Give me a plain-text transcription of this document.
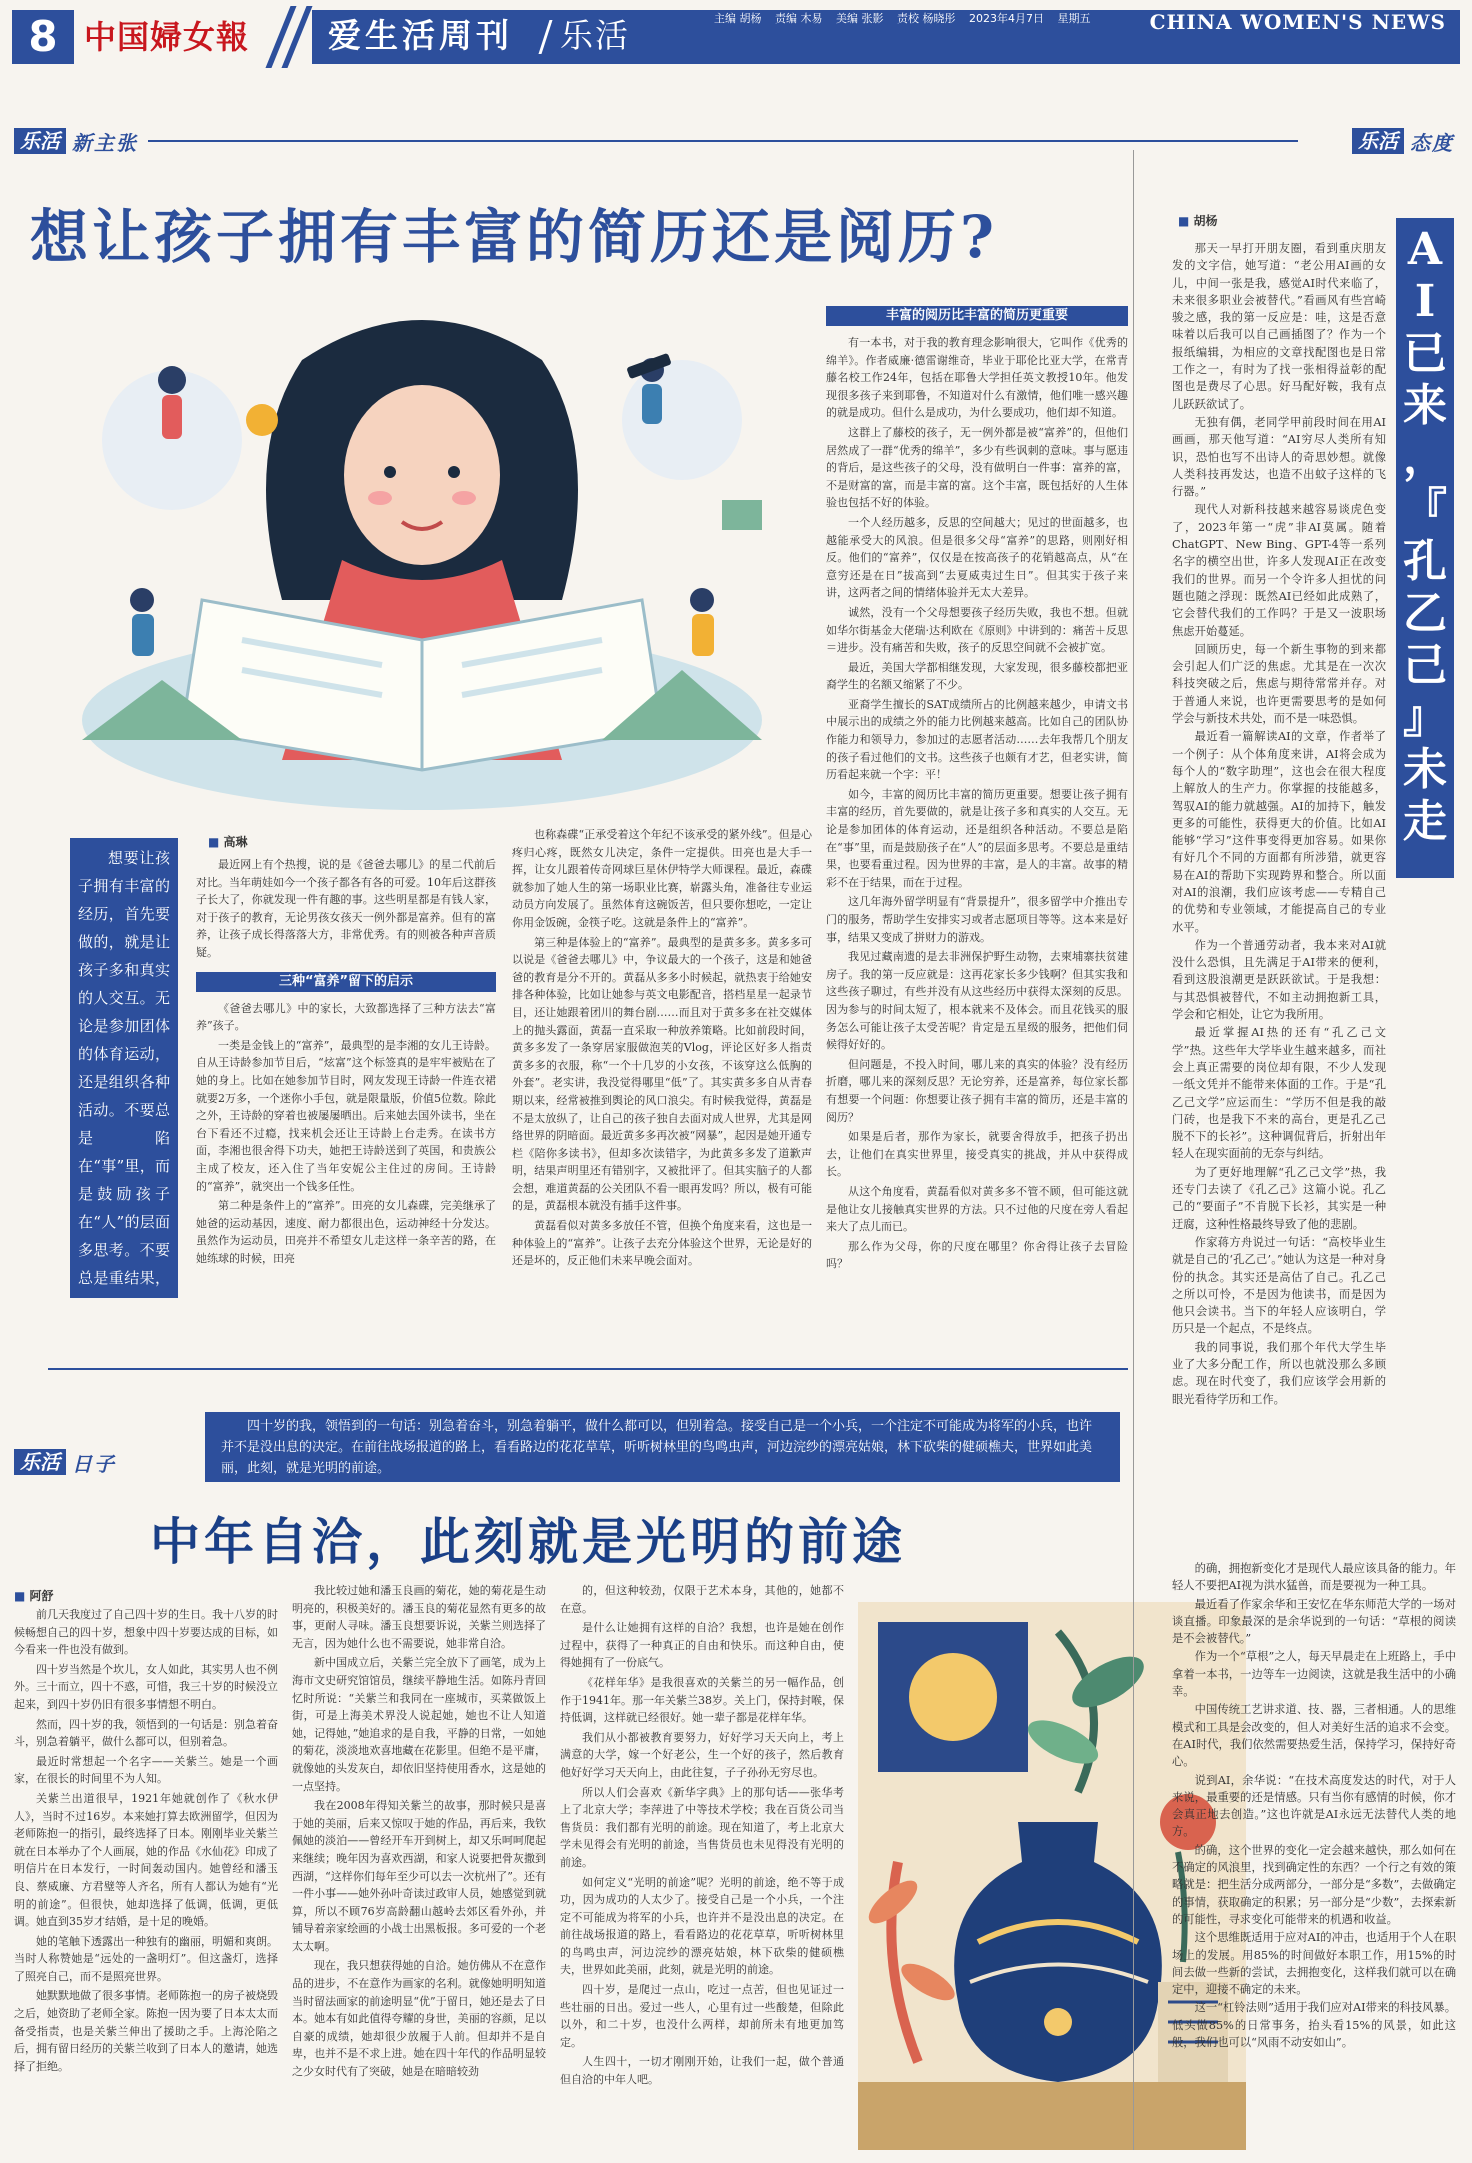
8 中国婦女報 爱生活周刊 乐活	主编 胡杨 责编 木易 美编 张影 责校 杨晓彤 2023年4月7日 星期五	CHINA WOMEN'S NEWS
乐活 新主张	乐活 态度
乐活 日子
想让孩子拥有丰富的简历还是阅历?

想要让孩子拥有丰富的经历，首先要做的，就是让孩子多和真实的人交互。无论是参加团体的体育运动，还是组织各种活动。不要总是陷在“事”里，而是鼓励孩子在“人”的层面多思考。不要总是重结果，

■ 高琳

最近网上有个热搜，说的是《爸爸去哪儿》的星二代前后对比。当年萌娃如今一个孩子都各有各的可爱。10年后这群孩子长大了，你就发现一件有趣的事。这些明星都是有钱人家，对于孩子的教育，无论男孩女孩天一例外都是富养。但有的富养，让孩子成长得落落大方，非常优秀。有的则被各种声音质疑。

三种“富养”留下的启示

《爸爸去哪儿》中的家长，大致都选择了三种方法去“富养”孩子。

一类是金钱上的“富养”，最典型的是李湘的女儿王诗龄。自从王诗龄参加节目后，“炫富”这个标签真的是牢牢被贴在了她的身上。比如在她参加节目时，网友发现王诗龄一件连衣裙就要2万多，一个迷你小手包，就是限量版，价值5位数。除此之外，王诗龄的穿着也被屡屡晒出。后来她去国外读书，坐在台下看还不过瘾，找来机会还让王诗龄上台走秀。在读书方面，李湘也很舍得下功夫，她把王诗龄送到了英国，和贵族公主成了校友，还入住了当年安妮公主住过的房间。王诗龄的“富养”，就突出一个钱多任性。

第二种是条件上的“富养”。田亮的女儿森碟，完美继承了她爸的运动基因，速度、耐力都很出色，运动神经十分发达。虽然作为运动员，田亮并不希望女儿走这样一条辛苦的路，在她练球的时候，田亮

也称森碟“正承受着这个年纪不该承受的紧外线”。但是心疼归心疼，既然女儿决定，条件一定提供。田亮也是大手一挥，让女儿跟着传奇网球巨星休伊特学大师课程。最近，森碟就参加了她人生的第一场职业比赛，崭露头角，准备往专业运动员方向发展了。虽然体育这碗饭苦，但只要你想吃，一定让你用金饭碗，金筷子吃。这就是条件上的“富养”。

第三种是体验上的“富养”。最典型的是黄多多。黄多多可以说是《爸爸去哪儿》中，争议最大的一个孩子，这是和她爸爸的教育是分不开的。黄磊从多多小时候起，就热衷于给她安排各种体验，比如让她参与英文电影配音，搭档星星一起录节目，还让她跟着团川的舞台剧……而且对于黄多多在社交媒体上的抛头露面，黄磊一直采取一种放养策略。比如前段时间，黄多多发了一条穿居家服做泡芙的Vlog，评论区好多人指责黄多多的衣服，称“一个十几岁的小女孩，不该穿这么低胸的外套”。老实讲，我没觉得哪里“低”了。其实黄多多自从青春期以来，经常被推到舆论的风口浪尖。有时候我觉得，黄磊是不是太放纵了，让自己的孩子独自去面对成人世界，尤其是网络世界的阴暗面。最近黄多多再次被“网暴”，起因是她开通专栏《陪你多读书》，但却多次读错字，为此黄多多发了道歉声明，结果声明里还有错别字，又被批评了。但其实脑子的人都会想，难道黄磊的公关团队不看一眼再发吗？所以，极有可能的是，黄磊根本就没有插手这件事。

黄磊看似对黄多多放任不管，但换个角度来看，这也是一种体验上的“富养”。让孩子去充分体验这个世界，无论是好的还是坏的，反正他们未来早晚会面对。

丰富的阅历比丰富的简历更重要

有一本书，对于我的教育理念影响很大，它叫作《优秀的绵羊》。作者威廉·德雷谢维奇，毕业于耶伦比亚大学，在常青藤名校工作24年，包括在耶鲁大学担任英文教授10年。他发现很多孩子来到耶鲁，不知道对什么有激情，他们唯一感兴趣的就是成功。但什么是成功，为什么要成功，他们却不知道。

这群上了藤校的孩子，无一例外都是被“富养”的，但他们居然成了一群“优秀的绵羊”，多少有些讽刺的意味。事与愿违的背后，是这些孩子的父母，没有做明白一件事：富养的富，不是财富的富，而是丰富的富。这个丰富，既包括好的人生体验也包括不好的体验。

一个人经历越多，反思的空间越大；见过的世面越多，也越能承受大的风浪。但是很多父母“富养”的思路，则刚好相反。他们的“富养”，仅仅是在按高孩子的花销越高点，从“在意穷还是在日”拔高到“去夏威夷过生日”。但其实于孩子来讲，这两者之间的情绪体验并无太大差异。

诚然，没有一个父母想要孩子经历失败，我也不想。但就如华尔街基金大佬瑞·达利欧在《原则》中讲到的：痛苦＋反思＝进步。没有痛苦和失败，孩子的反思空间就不会被扩宽。

最近，美国大学都相继发现，大家发现，很多藤校都把亚裔学生的名额又缩紧了不少。

亚裔学生擅长的SAT成绩所占的比例越来越少，申请文书中展示出的成绩之外的能力比例越来越高。比如自己的团队协作能力和领导力，参加过的志愿者活动……去年我帮几个朋友的孩子看过他们的文书。这些孩子也颇有才艺，但老实讲，简历看起来就一个字：平！

如今，丰富的阅历比丰富的简历更重要。想要让孩子拥有丰富的经历，首先要做的，就是让孩子多和真实的人交互。无论是参加团体的体育运动，还是组织各种活动。不要总是陷在“事”里，而是鼓励孩子在“人”的层面多思考。不要总是重结果，也要看重过程。因为世界的丰富，是人的丰富。故事的精彩不在于结果，而在于过程。

这几年海外留学明显有“背景提升”，很多留学中介推出专门的服务，帮助学生安排实习或者志愿项目等等。这本来是好事，结果又变成了拼财力的游戏。

我见过藏南遗的是去非洲保护野生动物，去柬埔寨扶贫建房子。我的第一反应就是：这再花家长多少钱啊？但其实我和这些孩子聊过，有些并没有从这些经历中获得太深刻的反思。因为参与的时间太短了，根本就来不及体会。而且花钱买的服务怎么可能让孩子太受苦呢？肯定是五星级的服务，把他们伺候得好好的。

但问题是，不投入时间，哪儿来的真实的体验？没有经历折磨，哪儿来的深刻反思？无论穷养，还是富养，每位家长都有想要一个问题：你想要让孩子拥有丰富的简历，还是丰富的阅历？

如果是后者，那作为家长，就要舍得放手，把孩子扔出去，让他们在真实世界里，接受真实的挑战，并从中获得成长。

从这个角度看，黄磊看似对黄多多不管不顾，但可能这就是他让女儿接触真实世界的方法。只不过他的尺度在旁人看起来大了点儿而已。

那么作为父母，你的尺度在哪里？你舍得让孩子去冒险吗？

四十岁的我，领悟到的一句话：别急着奋斗，别急着躺平，做什么都可以，但别着急。接受自己是一个小兵，一个注定不可能成为将军的小兵，也许并不是没出息的决定。在前往战场报道的路上，看看路边的花花草草，听听树林里的鸟鸣虫声，河边浣纱的漂亮姑娘，林下砍柴的健硕樵夫，世界如此美丽，此刻，就是光明的前途。
中年自洽，此刻就是光明的前途
■ 阿舒

前几天我度过了自己四十岁的生日。我十八岁的时候畅想自己的四十岁，想象中四十岁要达成的目标，如今看来一件也没有做到。

四十岁当然是个坎儿，女人如此，其实男人也不例外。三十而立，四十不惑，可惜，我三十岁的时候没立起来，到四十岁仍旧有很多事情想不明白。

然而，四十岁的我，领悟到的一句话是：别急着奋斗，别急着躺平，做什么都可以，但别着急。

最近时常想起一个名字——关紫兰。她是一个画家，在很长的时间里不为人知。

关紫兰出道很早，1921年她就创作了《秋水伊人》，当时不过16岁。本来她打算去欧洲留学，但因为老师陈抱一的指引，最终选择了日本。刚刚毕业关紫兰就在日本举办了个人画展，她的作品《水仙花》印成了明信片在日本发行，一时间轰动国内。她曾经和潘玉良、蔡威廉、方君璧等人齐名，所有人都认为她有“光明的前途”。但很快，她却选择了低调，低调，更低调。她直到35岁才结婚，是十足的晚婚。

她的笔触下透露出一种独有的幽丽，明媚和爽朗。当时人称赞她是“远处的一盏明灯”。但这盏灯，选择了照亮自己，而不是照亮世界。

她默默地做了很多事情。老师陈抱一的房子被烧毁之后，她资助了老师全家。陈抱一因为要了日本太太而备受指责，也是关紫兰伸出了援助之手。上海沦陷之后，拥有留日经历的关紫兰收到了日本人的邀请，她选择了拒绝。

我比较过她和潘玉良画的菊花，她的菊花是生动明亮的，积极美好的。潘玉良的菊花显然有更多的故事，更耐人寻味。潘玉良想要诉说，关紫兰则选择了无言，因为她什么也不需要说，她非常自洽。

新中国成立后，关紫兰完全放下了画笔，成为上海市文史研究馆馆员，继续平静地生活。如陈丹青回忆时所说：“关紫兰和我同在一座城市，买菜做饭上街，可是上海美术界没人说起她，她也不让人知道她，记得她，”她追求的是自我，平静的日常，一如她的菊花，淡淡地欢喜地藏在花影里。但绝不是平庸，就像她的头发灰白，却依旧坚持使用香水，这是她的一点坚持。

我在2008年得知关紫兰的故事，那时候只是喜于她的美丽，后来又惊叹于她的作品，再后来，我钦佩她的淡泊——曾经开车开到树上，却又乐呵呵爬起来继续；晚年因为喜欢西湖，和家人说要把骨灰撒到西湖，“这样你们每年至少可以去一次杭州了”。还有一件小事——她外孙叶奇读过政审人员，她感觉到就算，所以不顾76岁高龄翻山越岭去郊区看外孙，并铺导着亲家绘画的小战士出黑板报。多可爱的一个老太太啊。

现在，我只想获得她的自洽。她仿佛从不在意作品的进步，不在意作为画家的名利。就像她明明知道当时留法画家的前途明显“优”于留日，她还是去了日本。她本有如此值得夸耀的身世，美丽的容颜，足以自豪的成绩，她却很少放履于人前。但却并不是自卑，也并不是不求上进。她在四十年代的作品明显较之少女时代有了突破，她是在暗暗较劲

的，但这种较劲，仅限于艺术本身，其他的，她都不在意。

是什么让她拥有这样的自洽？我想，也许是她在创作过程中，获得了一种真正的自由和快乐。而这种自由，使得她拥有了一份底气。

《花样年华》是我很喜欢的关紫兰的另一幅作品，创作于1941年。那一年关紫兰38岁。关上门，保持封喉，保持低调，这样就已经很好。她一辈子都是花样年华。

我们从小都被教育要努力，好好学习天天向上，考上满意的大学，嫁一个好老公，生一个好的孩子，然后教育他好好学习天天向上，由此往复，子子孙孙无穷尽也。

所以人们会喜欢《新华字典》上的那句话——张华考上了北京大学；李萍进了中等技术学校；我在百货公司当售货员：我们都有光明的前途。现在知道了，考上北京大学未见得会有光明的前途，当售货员也未见得没有光明的前途。

如何定义“光明的前途”呢？光明的前途，绝不等于成功，因为成功的人太少了。接受自己是一个小兵，一个注定不可能成为将军的小兵，也许并不是没出息的决定。在前往战场报道的路上，看看路边的花花草草，听听树林里的鸟鸣虫声，河边浣纱的漂亮姑娘，林下砍柴的健硕樵夫，世界如此美丽，此刻，就是光明的前途。

四十岁，是爬过一点山，吃过一点苦，但也见证过一些壮丽的日出。爱过一些人，心里有过一些酸楚，但除此以外，和二十岁，也没什么两样，却前所未有地更加笃定。

人生四十，一切才刚刚开始，让我们一起，做个普通但自洽的中年人吧。

■ 胡杨
A
I
已
来
，
『
孔
乙
己
』
未
走

那天一早打开朋友圈，看到重庆朋友发的文字信，她写道：“老公用AI画的女儿，中间一张是我，感觉AI时代来临了，未来很多职业会被替代。”看画风有些宫崎骏之感，我的第一反应是：哇，这是否意味着以后我可以自己画插图了？作为一个报纸编辑，为相应的文章找配图也是日常工作之一，有时为了找一张相得益彰的配图也是费尽了心思。好马配好鞍，我有点儿跃跃欲试了。

无独有偶，老同学甲前段时间在用AI画画，那天他写道：“AI穷尽人类所有知识，恐怕也写不出诗人的奇思妙想。就像人类科技再发达，也造不出蚊子这样的飞行器。”

现代人对新科技越来越容易谈虎色变了，2023年第一“虎”非AI莫属。随着ChatGPT、New Bing、GPT-4等一系列名字的横空出世，许多人发现AI正在改变我们的世界。而另一个令许多人担忧的问题也随之浮现：既然AI已经如此成熟了，它会替代我们的工作吗？于是又一波职场焦虑开始蔓延。

回顾历史，每一个新生事物的到来都会引起人们广泛的焦虑。尤其是在一次次科技突破之后，焦虑与期待常常并存。对于普通人来说，也许更需要思考的是如何学会与新技术共处，而不是一味恐惧。

最近看一篇解读AI的文章，作者举了一个例子：从个体角度来讲，AI将会成为每个人的“数字助理”，这也会在很大程度上解放人的生产力。你掌握的技能越多，驾驭AI的能力就越强。AI的加持下，触发更多的可能性，获得更大的价值。比如AI能够“学习”这件事变得更加容易。如果你有好几个不同的方面都有所涉猎，就更容易在AI的帮助下实现跨界和整合。所以面对AI的浪潮，我们应该考虑——专精自己的优势和专业领域，才能提高自己的专业水平。

作为一个普通劳动者，我本来对AI就没什么恐惧，且先满足于AI带来的便利，看到这股浪潮更是跃跃欲试。于是我想：与其恐惧被替代，不如主动拥抱新工具，学会和它相处，让它为我所用。

最近掌握AI热的还有“孔乙己文学”热。这些年大学毕业生越来越多，而社会上真正需要的岗位却有限，不少人发现一纸文凭并不能带来体面的工作。于是“孔乙己文学”应运而生：“学历不但是我的敲门砖，也是我下不来的高台，更是孔乙己脱不下的长衫”。这种调侃背后，折射出年轻人在现实面前的无奈与纠结。

为了更好地理解“孔乙己文学”热，我还专门去读了《孔乙己》这篇小说。孔乙己的“要面子”不肯脱下长衫，其实是一种迂腐，这种性格最终导致了他的悲剧。

作家蒋方舟说过一句话：“高校毕业生就是自己的‘孔乙己’。”她认为这是一种对身份的执念。其实还是高估了自己。孔乙己之所以可怜，不是因为他读书，而是因为他只会读书。当下的年轻人应该明白，学历只是一个起点，不是终点。

我的同事说，我们那个年代大学生毕业了大多分配工作，所以也就没那么多顾虑。现在时代变了，我们应该学会用新的眼光看待学历和工作。

的确，拥抱新变化才是现代人最应该具备的能力。年轻人不要把AI视为洪水猛兽，而是要视为一种工具。

最近看了作家余华和王安忆在华东师范大学的一场对谈直播。印象最深的是余华说到的一句话：“草根的阅读是不会被替代。”

作为一个“草根”之人，每天早晨走在上班路上，手中拿着一本书，一边等车一边阅读，这就是我生活中的小确幸。

中国传统工艺讲求道、技、器，三者相通。人的思维模式和工具是会改变的，但人对美好生活的追求不会变。在AI时代，我们依然需要热爱生活，保持学习，保持好奇心。

说到AI，余华说：“在技术高度发达的时代，对于人来说，最重要的还是情感。只有当你有感情的时候，你才会真正地去创造。”这也许就是AI永远无法替代人类的地方。

的确，这个世界的变化一定会越来越快，那么如何在不确定的风浪里，找到确定性的东西？一个行之有效的策略就是：把生活分成两部分，一部分是“多数”，去做确定的事情，获取确定的积累；另一部分是“少数”，去探索新的可能性，寻求变化可能带来的机遇和收益。

这个思维既适用于应对AI的冲击，也适用于个人在职场上的发展。用85%的时间做好本职工作，用15%的时间去做一些新的尝试，去拥抱变化，这样我们就可以在确定中，迎接不确定的未来。

这一“杠铃法则”适用于我们应对AI带来的科技风暴。低头做85%的日常事务，抬头看15%的风景，如此这般，我们也可以“风雨不动安如山”。
